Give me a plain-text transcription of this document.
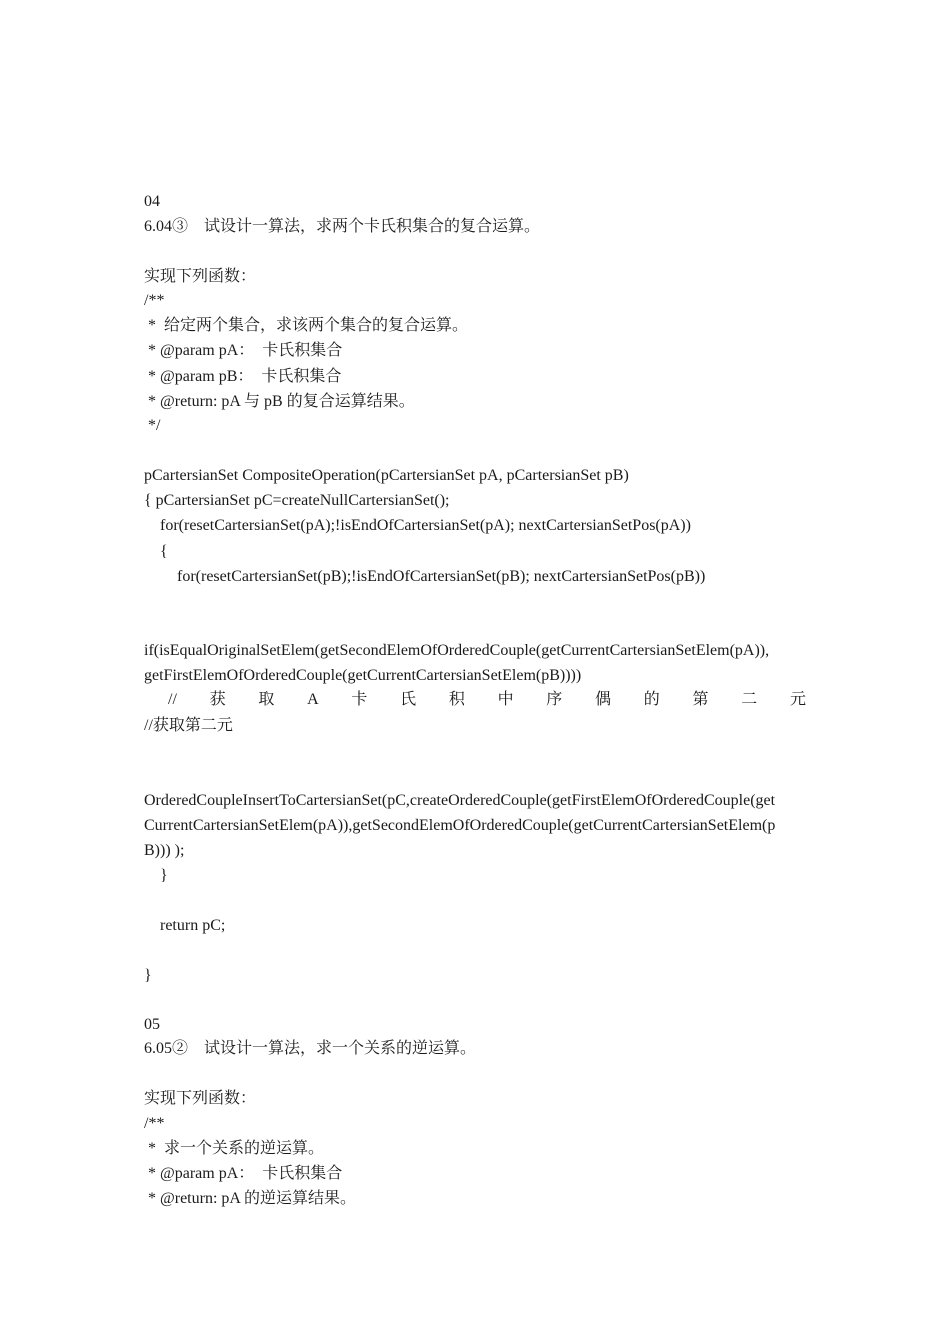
04
6.04③　试设计一算法，求两个卡氏积集合的复合运算。
实现下列函数：
/**
*  给定两个集合，求该两个集合的复合运算。
* @param pA：  卡氏积集合
* @param pB：  卡氏积集合
* @return: pA 与 pB 的复合运算结果。
*/
pCartersianSet CompositeOperation(pCartersianSet pA, pCartersianSet pB)
{ pCartersianSet pC=createNullCartersianSet();
for(resetCartersianSet(pA);!isEndOfCartersianSet(pA); nextCartersianSetPos(pA))
{
for(resetCartersianSet(pB);!isEndOfCartersianSet(pB); nextCartersianSetPos(pB))
if(isEqualOriginalSetElem(getSecondElemOfOrderedCouple(getCurrentCartersianSetElem(pA)),
getFirstElemOfOrderedCouple(getCurrentCartersianSetElem(pB))))
// 获 取 A 卡 氏 积 中 序 偶 的 第 二 元
//获取第二元
OrderedCoupleInsertToCartersianSet(pC,createOrderedCouple(getFirstElemOfOrderedCouple(get
CurrentCartersianSetElem(pA)),getSecondElemOfOrderedCouple(getCurrentCartersianSetElem(p
B))) );
}
return pC;
}
05
6.05②　试设计一算法，求一个关系的逆运算。
实现下列函数：
/**
*  求一个关系的逆运算。
* @param pA：  卡氏积集合
* @return: pA 的逆运算结果。
